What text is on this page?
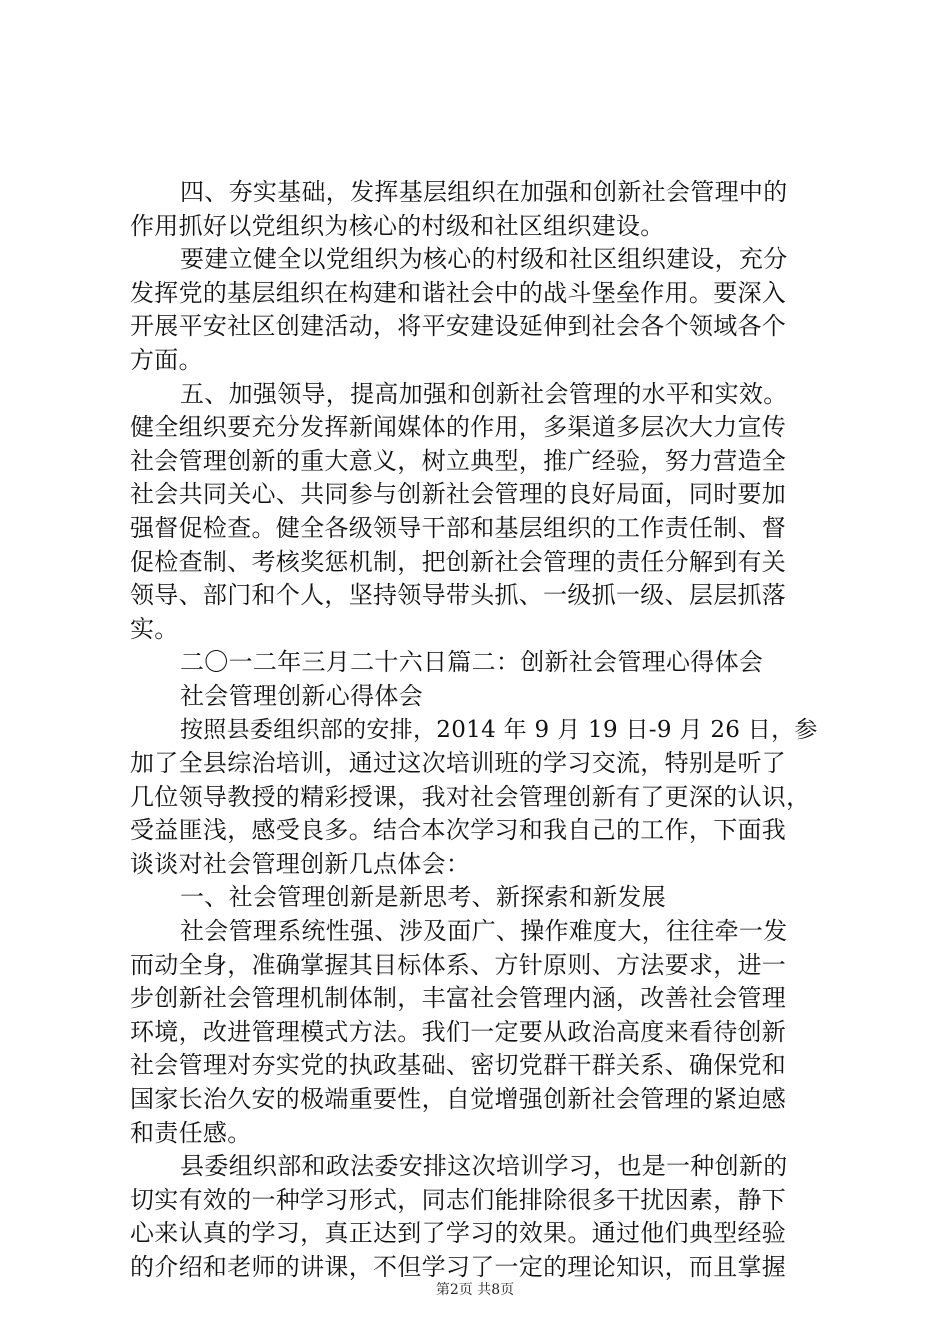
四、夯实基础，发挥基层组织在加强和创新社会管理中的
作用抓好以党组织为核心的村级和社区组织建设。
要建立健全以党组织为核心的村级和社区组织建设，充分
发挥党的基层组织在构建和谐社会中的战斗堡垒作用。要深入
开展平安社区创建活动，将平安建设延伸到社会各个领域各个
方面。
五、加强领导，提高加强和创新社会管理的水平和实效。
健全组织要充分发挥新闻媒体的作用，多渠道多层次大力宣传
社会管理创新的重大意义，树立典型，推广经验，努力营造全
社会共同关心、共同参与创新社会管理的良好局面，同时要加
强督促检查。健全各级领导干部和基层组织的工作责任制、督
促检查制、考核奖惩机制，把创新社会管理的责任分解到有关
领导、部门和个人，坚持领导带头抓、一级抓一级、层层抓落
实。
二〇一二年三月二十六日篇二：创新社会管理心得体会
社会管理创新心得体会
按照县委组织部的安排，2014 年 9 月 19 日-9 月 26 日，参
加了全县综治培训，通过这次培训班的学习交流，特别是听了
几位领导教授的精彩授课，我对社会管理创新有了更深的认识，
受益匪浅，感受良多。结合本次学习和我自己的工作，下面我
谈谈对社会管理创新几点体会：
一、社会管理创新是新思考、新探索和新发展
社会管理系统性强、涉及面广、操作难度大，往往牵一发
而动全身，准确掌握其目标体系、方针原则、方法要求，进一
步创新社会管理机制体制，丰富社会管理内涵，改善社会管理
环境，改进管理模式方法。我们一定要从政治高度来看待创新
社会管理对夯实党的执政基础、密切党群干群关系、确保党和
国家长治久安的极端重要性，自觉增强创新社会管理的紧迫感
和责任感。
县委组织部和政法委安排这次培训学习，也是一种创新的
切实有效的一种学习形式，同志们能排除很多干扰因素，静下
心来认真的学习，真正达到了学习的效果。通过他们典型经验
的介绍和老师的讲课，不但学习了一定的理论知识，而且掌握
第2页 共8页
